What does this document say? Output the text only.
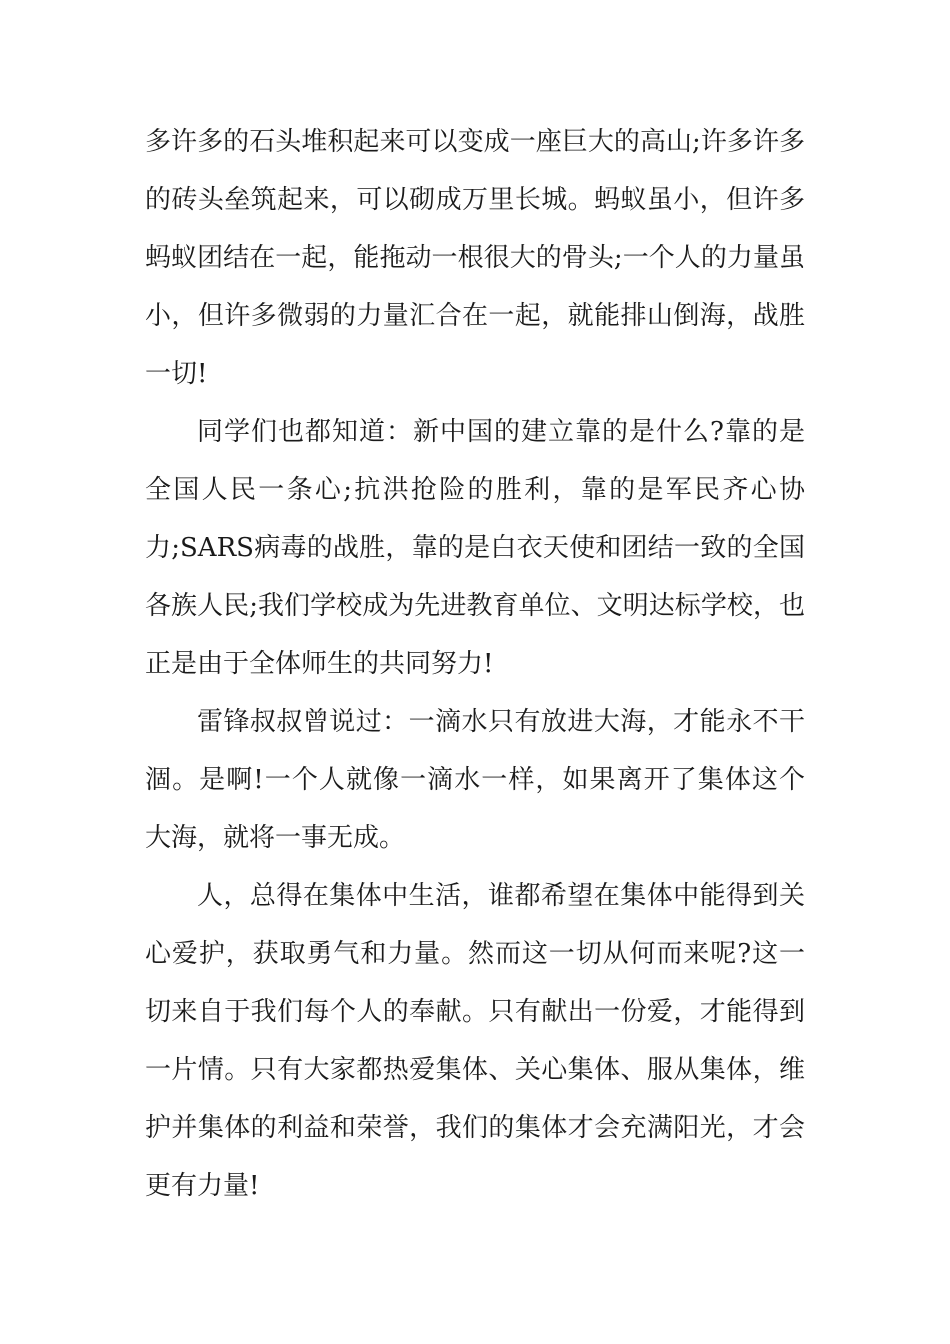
多许多的石头堆积起来可以变成一座巨大的高山;许多许多的砖头垒筑起来，可以砌成万里长城。蚂蚁虽小，但许多蚂蚁团结在一起，能拖动一根很大的骨头;一个人的力量虽小，但许多微弱的力量汇合在一起，就能排山倒海，战胜一切!

同学们也都知道：新中国的建立靠的是什么?靠的是全国人民一条心;抗洪抢险的胜利，靠的是军民齐心协力;SARS病毒的战胜，靠的是白衣天使和团结一致的全国各族人民;我们学校成为先进教育单位、文明达标学校，也正是由于全体师生的共同努力!

雷锋叔叔曾说过：一滴水只有放进大海，才能永不干涸。是啊!一个人就像一滴水一样，如果离开了集体这个大海，就将一事无成。

人，总得在集体中生活，谁都希望在集体中能得到关心爱护，获取勇气和力量。然而这一切从何而来呢?这一切来自于我们每个人的奉献。只有献出一份爱，才能得到一片情。只有大家都热爱集体、关心集体、服从集体，维护并集体的利益和荣誉，我们的集体才会充满阳光，才会更有力量!
